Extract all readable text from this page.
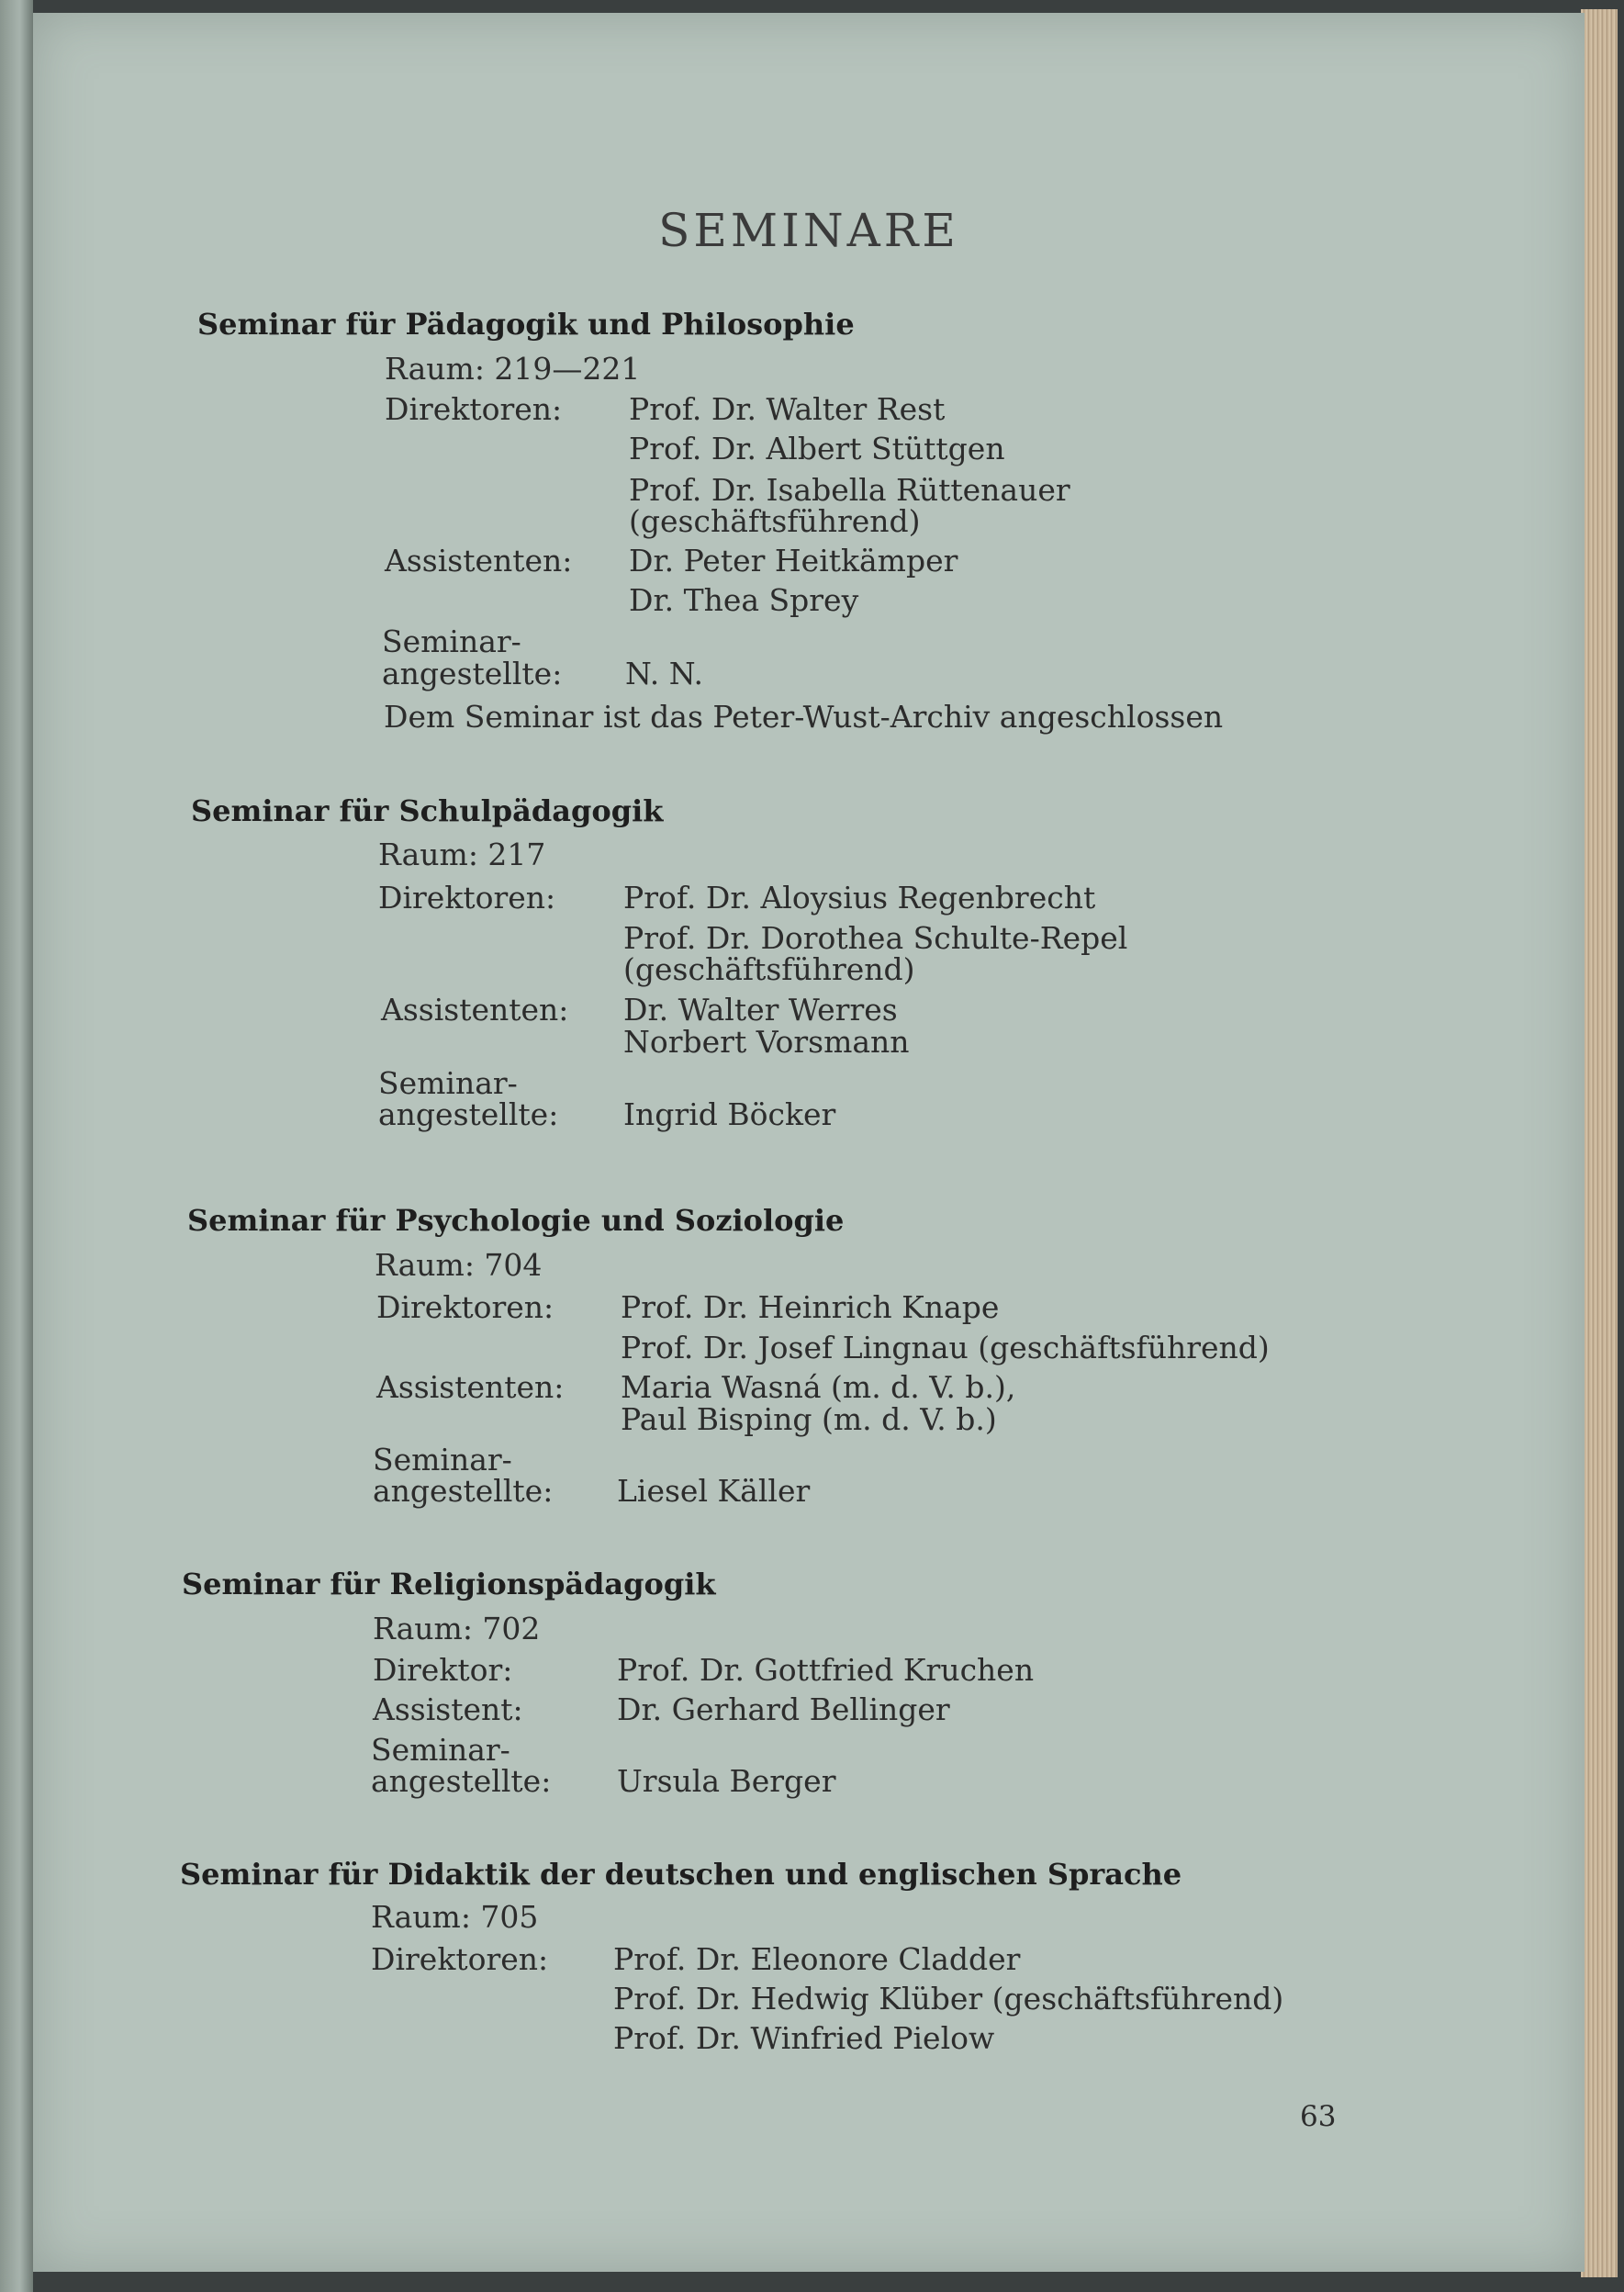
SEMINARE
Seminar für Pädagogik und Philosophie
Raum: 219—221
Direktoren: Prof. Dr. Walter Rest
Prof. Dr. Albert Stüttgen
Prof. Dr. Isabella Rüttenauer
(geschäftsführend)
Assistenten: Dr. Peter Heitkämper
Dr. Thea Sprey
Seminar-
angestellte: N. N.
Dem Seminar ist das Peter-Wust-Archiv angeschlossen
Seminar für Schulpädagogik
Raum: 217
Direktoren: Prof. Dr. Aloysius Regenbrecht
Prof. Dr. Dorothea Schulte-Repel
(geschäftsführend)
Assistenten: Dr. Walter Werres
Norbert Vorsmann
Seminar-
angestellte: Ingrid Böcker
Seminar für Psychologie und Soziologie
Raum: 704
Direktoren: Prof. Dr. Heinrich Knape
Prof. Dr. Josef Lingnau (geschäftsführend)
Assistenten: Maria Wasná (m. d. V. b.),
Paul Bisping (m. d. V. b.)
Seminar-
angestellte: Liesel Käller
Seminar für Religionspädagogik
Raum: 702
Direktor:	Prof. Dr. Gottfried Kruchen
Assistent:	Dr. Gerhard Bellinger
Seminar-
angestellte: Ursula Berger
Seminar für Didaktik der deutschen und englischen Sprache
Raum: 705
Direktoren: Prof. Dr. Eleonore Cladder
Prof. Dr. Hedwig Klüber (geschäftsführend)
Prof. Dr. Winfried Pielow
63
